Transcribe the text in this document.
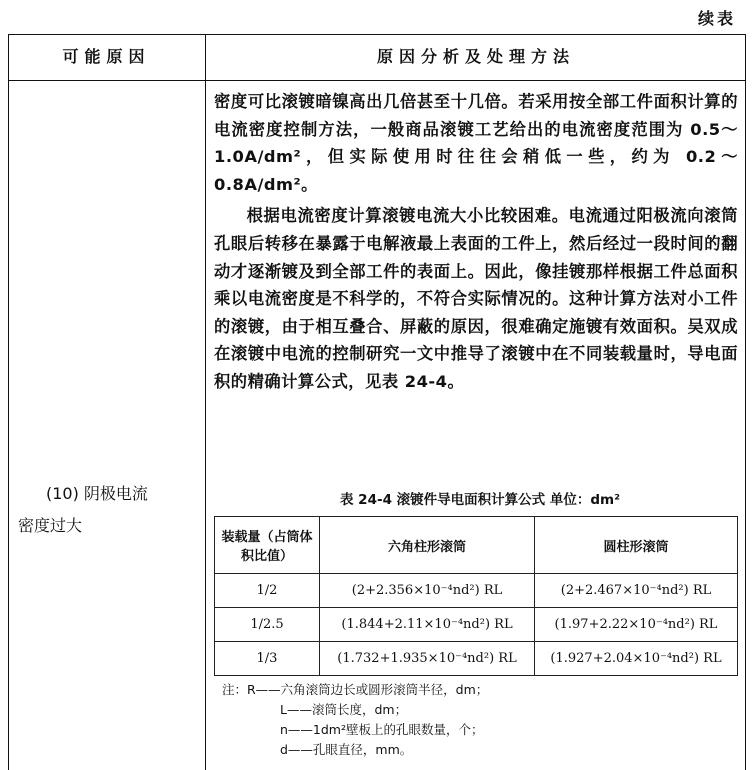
续表
可能原因	原因分析及处理方法
(10) 阴极电流
密度过大

密度可比滚镀暗镍高出几倍甚至十几倍。若采用按全部工件面积计算的电流密度控制方法，一般商品滚镀工艺给出的电流密度范围为 0.5～1.0A/dm²，但实际使用时往往会稍低一些，约为 0.2～0.8A/dm²。

根据电流密度计算滚镀电流大小比较困难。电流通过阳极流向滚筒孔眼后转移在暴露于电解液最上表面的工件上，然后经过一段时间的翻动才逐渐镀及到全部工件的表面上。因此，像挂镀那样根据工件总面积乘以电流密度是不科学的，不符合实际情况的。这种计算方法对小工件的滚镀，由于相互叠合、屏蔽的原因，很难确定施镀有效面积。吴双成在滚镀中电流的控制研究一文中推导了滚镀中在不同装载量时，导电面积的精确计算公式，见表 24-4。

表 24-4 滚镀件导电面积计算公式 单位：dm²
装载量（占筒体积比值）	六角柱形滚筒	圆柱形滚筒
1/2	(2+2.356×10⁻⁴nd²) RL	(2+2.467×10⁻⁴nd²) RL
1/2.5	(1.844+2.11×10⁻⁴nd²) RL	(1.97+2.22×10⁻⁴nd²) RL
1/3	(1.732+1.935×10⁻⁴nd²) RL	(1.927+2.04×10⁻⁴nd²) RL
注：R——六角滚筒边长或圆形滚筒半径，dm；
L——滚筒长度，dm；
n——1dm²壁板上的孔眼数量，个；
d——孔眼直径，mm。
